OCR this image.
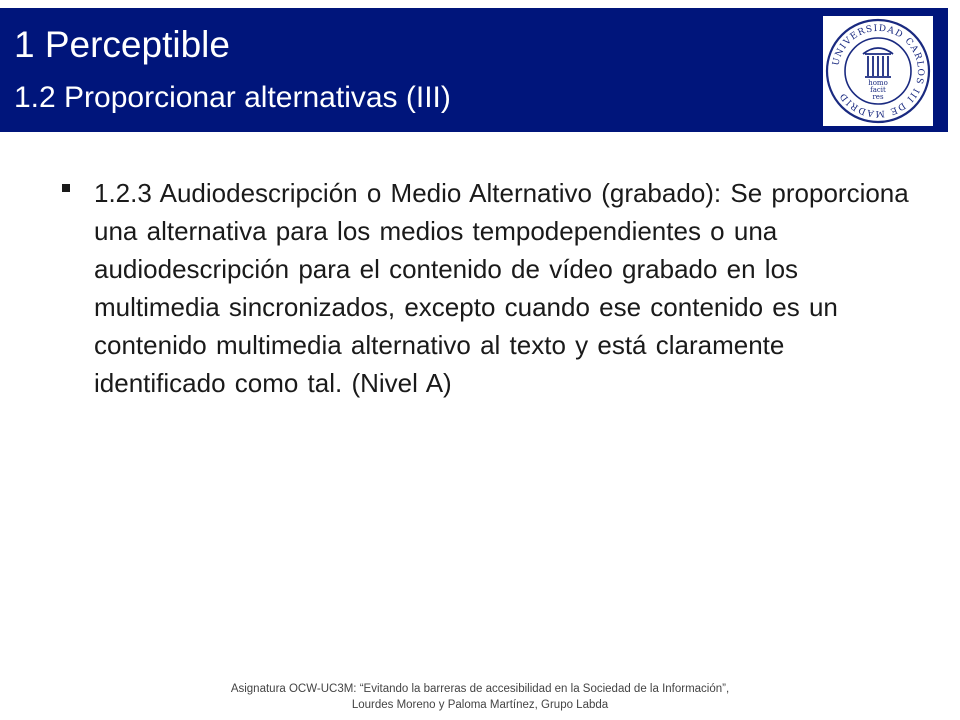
1 Perceptible
1.2 Proporcionar alternativas (III)
UNIVERSIDAD CARLOS III DE MADRID
homo
facit
res

1.2.3 Audiodescripción o Medio Alternativo (grabado): Se proporciona una alternativa para los medios tempodependientes o una audiodescripción para el contenido de vídeo grabado en los multimedia sincronizados, excepto cuando ese contenido es un contenido multimedia alternativo al texto y está claramente identificado como tal. (Nivel A)

Asignatura OCW-UC3M: “Evitando la barreras de accesibilidad en la Sociedad de la Información”,
Lourdes Moreno y Paloma Martínez, Grupo Labda
